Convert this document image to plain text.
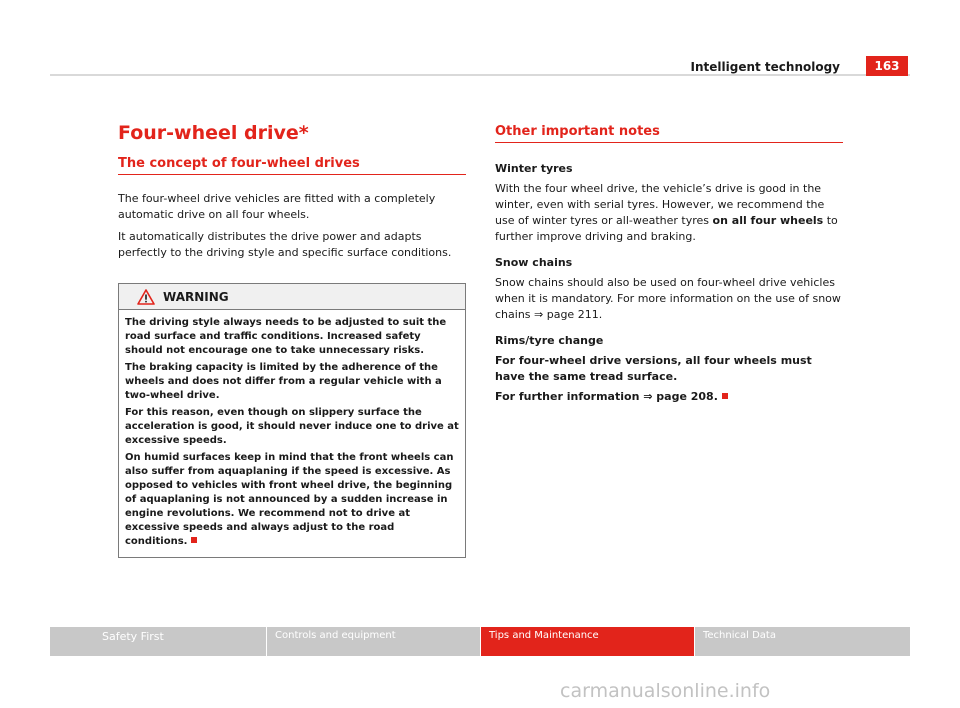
Intelligent technology	163
Four-wheel drive*
The concept of four-wheel drives

The four-wheel drive vehicles are fitted with a completely automatic drive on all four wheels.

It automatically distributes the drive power and adapts perfectly to the driving style and specific surface conditions.

WARNING

The driving style always needs to be adjusted to suit the road surface and traffic conditions. Increased safety should not encourage one to take unnecessary risks.

The braking capacity is limited by the adherence of the wheels and does not differ from a regular vehicle with a two-wheel drive.

For this reason, even though on slippery surface the acceleration is good, it should never induce one to drive at excessive speeds.

On humid surfaces keep in mind that the front wheels can also suffer from aquaplaning if the speed is excessive. As opposed to vehicles with front wheel drive, the beginning of aquaplaning is not announced by a sudden increase in engine revolutions. We recommend not to drive at excessive speeds and always adjust to the road conditions.

Other important notes
Winter tyres

With the four wheel drive, the vehicle’s drive is good in the winter, even with serial tyres. However, we recommend the use of winter tyres or all-weather tyres on all four wheels to further improve driving and braking.

Snow chains

Snow chains should also be used on four-wheel drive vehicles when it is mandatory. For more information on the use of snow chains ⇒ page 211.

Rims/tyre change

For four-wheel drive versions, all four wheels must have the same tread surface.

For further information ⇒ page 208.

Safety First	Controls and equipment	Tips and Maintenance	Technical Data
carmanualsonline.info
